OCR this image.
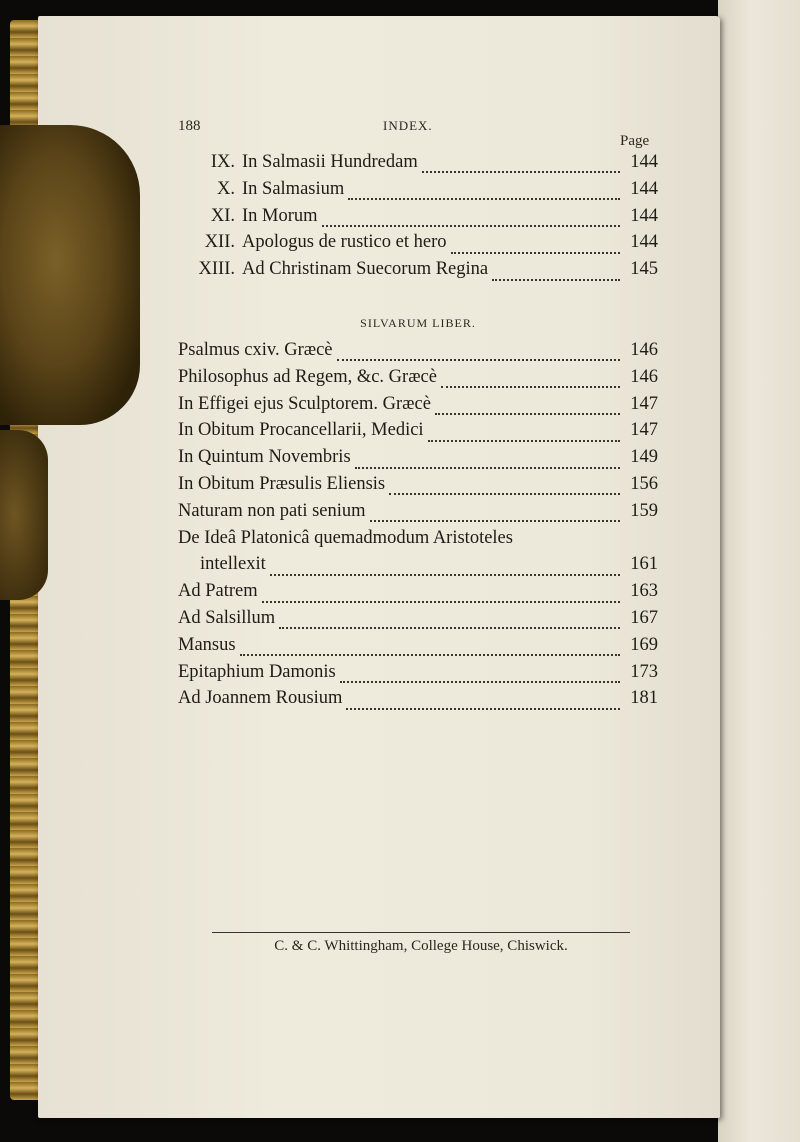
188	INDEX.
Page
IX. In Salmasii Hundredam	144
X. In Salmasium	144
XI. In Morum	144
XII. Apologus de rustico et hero	144
XIII. Ad Christinam Suecorum Regina	145
SILVARUM LIBER.
Psalmus cxiv. Græcè	146
Philosophus ad Regem, &c. Græcè	146
In Effigei ejus Sculptorem. Græcè	147
In Obitum Procancellarii, Medici	147
In Quintum Novembris	149
In Obitum Præsulis Eliensis	156
Naturam non pati senium	159
De Ideâ Platonicâ quemadmodum Aristoteles
intellexit	161
Ad Patrem	163
Ad Salsillum	167
Mansus	169
Epitaphium Damonis	173
Ad Joannem Rousium	181
C. & C. Whittingham, College House, Chiswick.
